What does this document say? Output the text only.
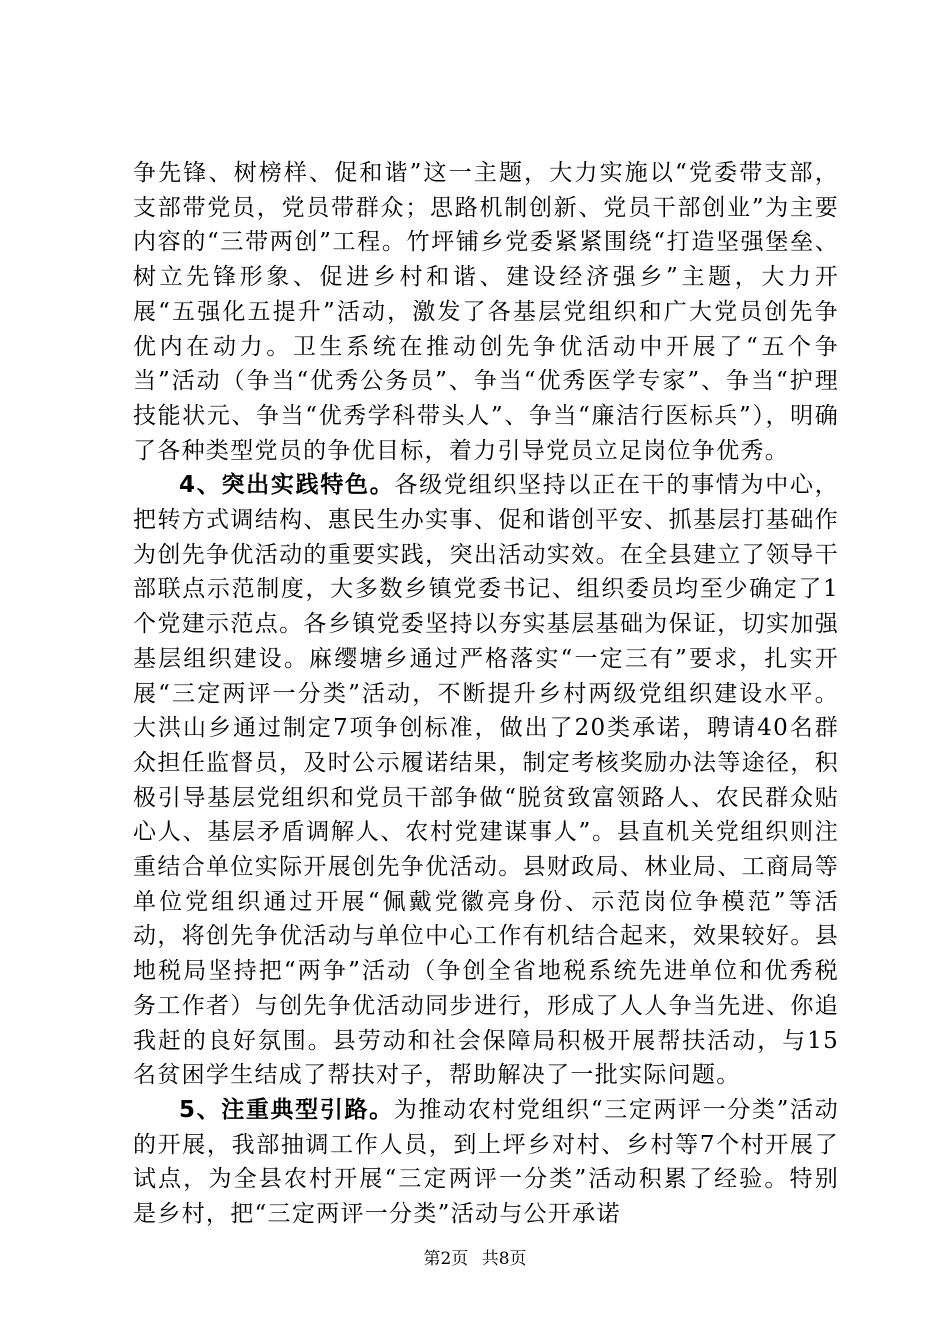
争先锋、树榜样、促和谐”这一主题，大力实施以“党委带支部，支部带党员，党员带群众；思路机制创新、党员干部创业”为主要内容的“三带两创”工程。竹坪铺乡党委紧紧围绕“打造坚强堡垒、树立先锋形象、促进乡村和谐、建设经济强乡”主题，大力开展“五强化五提升”活动，激发了各基层党组织和广大党员创先争优内在动力。卫生系统在推动创先争优活动中开展了“五个争当”活动（争当“优秀公务员”、争当“优秀医学专家”、争当“护理技能状元、争当“优秀学科带头人”、争当“廉洁行医标兵”），明确了各种类型党员的争优目标，着力引导党员立足岗位争优秀。

4、突出实践特色。各级党组织坚持以正在干的事情为中心，把转方式调结构、惠民生办实事、促和谐创平安、抓基层打基础作为创先争优活动的重要实践，突出活动实效。在全县建立了领导干部联点示范制度，大多数乡镇党委书记、组织委员均至少确定了1个党建示范点。各乡镇党委坚持以夯实基层基础为保证，切实加强基层组织建设。麻缨塘乡通过严格落实“一定三有”要求，扎实开展“三定两评一分类”活动，不断提升乡村两级党组织建设水平。大洪山乡通过制定7项争创标准，做出了20类承诺，聘请40名群众担任监督员，及时公示履诺结果，制定考核奖励办法等途径，积极引导基层党组织和党员干部争做“脱贫致富领路人、农民群众贴心人、基层矛盾调解人、农村党建谋事人”。县直机关党组织则注重结合单位实际开展创先争优活动。县财政局、林业局、工商局等单位党组织通过开展“佩戴党徽亮身份、示范岗位争模范”等活动，将创先争优活动与单位中心工作有机结合起来，效果较好。县地税局坚持把“两争”活动（争创全省地税系统先进单位和优秀税务工作者）与创先争优活动同步进行，形成了人人争当先进、你追我赶的良好氛围。县劳动和社会保障局积极开展帮扶活动，与15名贫困学生结成了帮扶对子，帮助解决了一批实际问题。

5、注重典型引路。为推动农村党组织“三定两评一分类”活动的开展，我部抽调工作人员，到上坪乡对村、乡村等7个村开展了试点，为全县农村开展“三定两评一分类”活动积累了经验。特别是乡村，把“三定两评一分类”活动与公开承诺

第2页 共8页
